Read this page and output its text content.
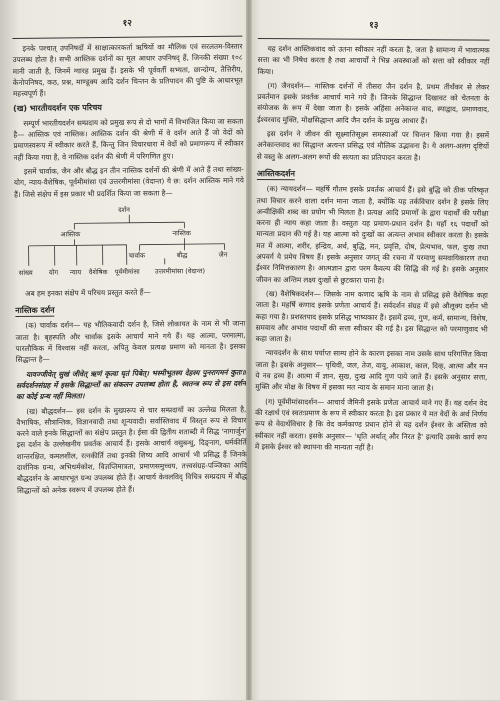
१२

इनके पश्चात् उपनिषदों में साक्षात्कारकर्ता ऋषियों का मौलिक एवं सरलतम-विस्तार उपलब्ध होता है। सभी आस्तिक दर्शनों का मूल आधार उपनिषद् हैं, जिनकी संख्या १०८ मानी जाती है, जिनमें ग्यारह प्रमुख हैं। इसके भी पूर्ववर्ती सभ्यता, छान्दोग्य, तैत्तिरीय, केनोपनिषद, कठ, प्रश्न, माण्डूक्य आदि दर्शन चिन्तन के प्रतिपादन की पुष्टि के आधारभूत महत्त्वपूर्ण हैं।

(ख) भारतीयदर्शन एक परिचय

सम्पूर्ण भारतीयदर्शन सम्प्रदाय को प्रमुख रूप से दो भागों में विभाजित किया जा सकता है— आस्तिक एवं नास्तिक। आस्तिक दर्शन की श्रेणी में वे दर्शन आते हैं जो वेदों को प्रमाणस्वरूप में स्वीकार करते हैं, किन्तु जिन विचारधारा में वेदों को प्रमाणरूप में स्वीकार नहीं किया गया है, वे नास्तिक दर्शन की श्रेणी में परिगणित हुए।

इसमें चार्वाक, जैन और बौद्ध इन तीन नास्तिक दर्शनों की श्रेणी में आते हैं तथा सांख्य-योग, न्याय-वैशेषिक, पूर्वमीमांसा एवं उत्तरमीमांसा (वेदान्त) ये छ: दर्शन आस्तिक माने गये हैं। जिसे संक्षेप में इस प्रकार भी प्रदर्शित किया जा सकता है—

दर्शन
आस्तिक	नास्तिक
चार्वाक	बौद्ध	जैन
सांख्य योग न्याय वैशेषिक पूर्वमीमांसा उत्तरमीमांसा (वेदान्त)

अब हम इनका संक्षेप में परिचय प्रस्तुत करते हैं—

नास्तिक दर्शन

(क) चार्वाक दर्शन— यह भौतिकवादी दर्शन है, जिसे लोकायत के नाम से भी जाना जाता है। बृहस्पति और चार्वाक इसके आचार्य माने गये हैं। यह आत्मा, परमात्मा, पारलौकिक में विश्वास नहीं करता, अपितु केवल प्रत्यक्ष प्रमाण को मानता है। इसका सिद्धान्त है—

यावज्जीवेत् सुखं जीवेत् ऋणं कृत्वा घृतं पिबेत्। भस्मीभूतस्य देहस्य पुनरागमनं कुतः॥ सर्वदर्शनसंग्रह में इसके सिद्धान्तों का संकलन उपलब्ध होता है, स्वतन्त्र रूप से इस दर्शन का कोई ग्रन्थ नहीं मिलता।

(ख) बौद्धदर्शन— इस दर्शन के मुख्यरूप से चार सम्प्रदायों का उल्लेख मिलता है, वैभाषिक, सौत्रान्तिक, विज्ञानवादी तथा शून्यवादी। सर्वास्तिवाद में विस्तृत रूप से विचार करने वाले इनके सिद्धान्तों का संक्षेप प्रस्तुत है। ईसा की द्वितीय शताब्दी में सिद्ध 'नागार्जुन' इस दर्शन के उल्लेखनीय प्रवर्तक आचार्य हैं। इसके आचार्य वसुबन्धु, दिङ्नाग, धर्मकीर्ति शान्तरक्षित, कमलशील, रत्नकीर्ति तथा इनकी शिष्य आदि आचार्य भी प्रसिद्ध हैं जिनके दार्शनिक ग्रन्थ, अभिधर्मकोश, विज्ञप्तिमात्रता, प्रमाणसमुच्चय, तत्त्वसंग्रह-पञ्जिका आदि बौद्धदर्शन के आधारभूत ग्रन्थ उपलब्ध होते हैं। आचार्य केवलविद् विचित्र सम्प्रदाय में बौद्ध सिद्धान्तों को अनेक स्वरूप में उपलब्ध होते हैं।

१३

यह दर्शन आस्तिकवाद को उतना स्वीकार नहीं करता है, जता है सामान्य में भावात्मक सत्ता का भी निषेध करता है तथा आचार्यों ने भिन्न अवस्थाओं को सत्ता को स्वीकार नहीं किया।

(ग) जैनदर्शन— नास्तिक दर्शनों में तीसरा जैन दर्शन है, प्रथम तीर्थंकर से लेकर प्रवर्तमान इसके प्रवर्तक आचार्य माने गये हैं। जिनके सिद्धान्त दिखावट को चेतनता के संयोजक के रूप में देखा जाता है। इसके अहिंसा अनेकान्त वाद, स्याद्वाद, प्रमाणवाद, ईश्वरवाद मुक्ति, मोक्षसिद्धान्त आदि जैन दर्शन के प्रमुख आधार हैं।

इस दर्शन ने जीवन की सूक्ष्मातिसूक्ष्म समस्याओं पर चिन्तन किया गया है। इसमें अनेकान्तवाद का सिद्धान्त अत्यन्त प्रसिद्ध एवं मौलिक उद्भावना है। ये अलग-अलग दृष्टियों से वस्तु के अलग-अलग रूपों की सत्यता का प्रतिपादन करता है।

आस्तिकदर्शन

(क) न्यायदर्शन— महर्षि गौतम इसके प्रवर्तक आचार्य हैं। इसे बुद्धि को ठीक परिष्कृत तथा विचार करने वाला दर्शन माना जाता है, क्योंकि यह तर्कविचार दर्शन है इसके लिए अन्वीक्षिकी शब्द का प्रयोग भी मिलता है। प्रत्यक्ष आदि प्रमाणों के द्वारा पदार्थों की परीक्षा करना ही न्याय कहा जाता है। वस्तुतः यह प्रमाण-प्रधान दर्शन है। यहाँ १६ पदार्थों को मान्यता प्रदान की गई है। यह आत्मा को दुःखों का अत्यन्त अभाव स्वीकार करता है। इसके मत में आत्मा, शरीर, इन्द्रिय, अर्थ, बुद्धि, मन, प्रवृत्ति, दोष, प्रेत्यभाव, फल, दुःख तथा अपवर्ग ये प्रमेय विषय हैं। इसके अनुसार जगत् की रचना में परमाणु समवायिकारण तथा ईश्वर निमित्तकारण है। आत्मज्ञान द्वारा परम कैवल्य की सिद्धि की गई है। इसके अनुसार जीवन का अन्तिम लक्ष्य दुःखों से छुटकारा पाना है।

(ख) वैशेषिकदर्शन— जिसके नाम कणाद ऋषि के नाम से प्रसिद्ध इसे वैशेषिक कहा जाता है। महर्षि कणाद इसके प्रणेता आचार्य हैं। सर्वदर्शन संग्रह में इसे औलूक्य दर्शन भी कहा गया है। प्रशस्तपाद इसके प्रसिद्ध भाष्यकार हैं। इसमें द्रव्य, गुण, कर्म, सामान्य, विशेष, समवाय और अभाव पदार्थों की सत्ता स्वीकार की गई है। इस सिद्धान्त को परमाणुवाद भी कहा जाता है।

न्यायदर्शन के साथ पर्याप्त साम्य होने के कारण इसका नाम उसके साथ परिगणित किया जाता है। इसके अनुसार— पृथिवी, जल, तेज, वायु, आकाश, काल, दिक्, आत्मा और मन ये नव द्रव्य हैं। आत्मा में ज्ञान, सुख, दुःख आदि गुण पाये जाते हैं। इसके अनुसार सत्ता, मुक्ति और मोक्ष के विषय में इसका मत न्याय के समान माना जाता है।

(ग) पूर्वमीमांसादर्शन— आचार्य जैमिनी इसके प्रणेता आचार्य माने गए हैं। यह दर्शन वेद की रक्षार्थ एवं स्वतःप्रमाण के रूप में स्वीकार करता है। इस प्रकार ये मत वेदों के अर्थ निर्णय रूप से वेदार्थविचार है कि वेद कर्मकाण्ड प्रधान होने से यह दर्शन ईश्वर के अस्तित्व को स्वीकार नहीं करता। इसके अनुसार— 'धृति अर्थात् और निरत है' इत्यादि उसके कार्य रूप में इसके ईश्वर को स्थापना की मान्यता नहीं है।
